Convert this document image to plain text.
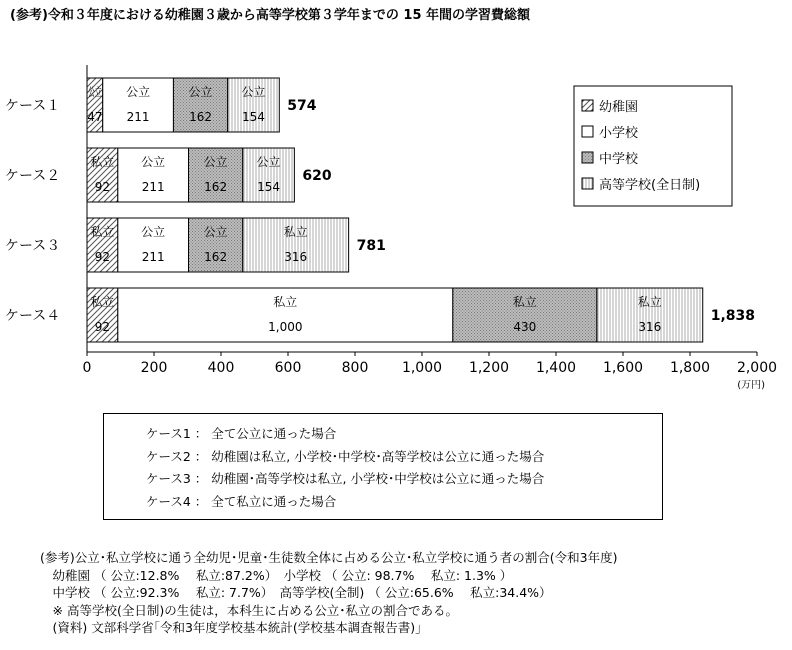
(参考)令和３年度における幼稚園３歳から高等学校第３学年までの 15 年間の学習費総額
0	200	400	600	800 1,000 1,200 1,400 1,600 1,800 2,000
(万円)
ケース１
公立
47
公立
211
公立
162
公立
154
574
ケース２
私立
92
公立
211
公立
162
公立
154
620
ケース３
私立
92
公立
211
公立
162
私立
316
781
ケース４
私立
92
私立
1,000
私立
430
私立
316
1,838
幼稚園
小学校
中学校
高等学校(全日制)
ケース1 ： 全て公立に通った場合
ケース2 ： 幼稚園は私立, 小学校･中学校･高等学校は公立に通った場合
ケース3 ： 幼稚園･高等学校は私立, 小学校･中学校は公立に通った場合
ケース4 ： 全て私立に通った場合
(参考)公立･私立学校に通う全幼児･児童･生徒数全体に占める公立･私立学校に通う者の割合(令和3年度)
　幼稚園 （ 公立:12.8% 　私立:87.2%）　小学校 （ 公立: 98.7% 　私立: 1.3% ）
　中学校 （ 公立:92.3% 　私立: 7.7%）　高等学校(全制) （ 公立:65.6% 　私立:34.4%）
　※ 高等学校(全日制)の生徒は，本科生に占める公立･私立の割合である。
　(資料) 文部科学省｢令和3年度学校基本統計(学校基本調査報告書)｣
